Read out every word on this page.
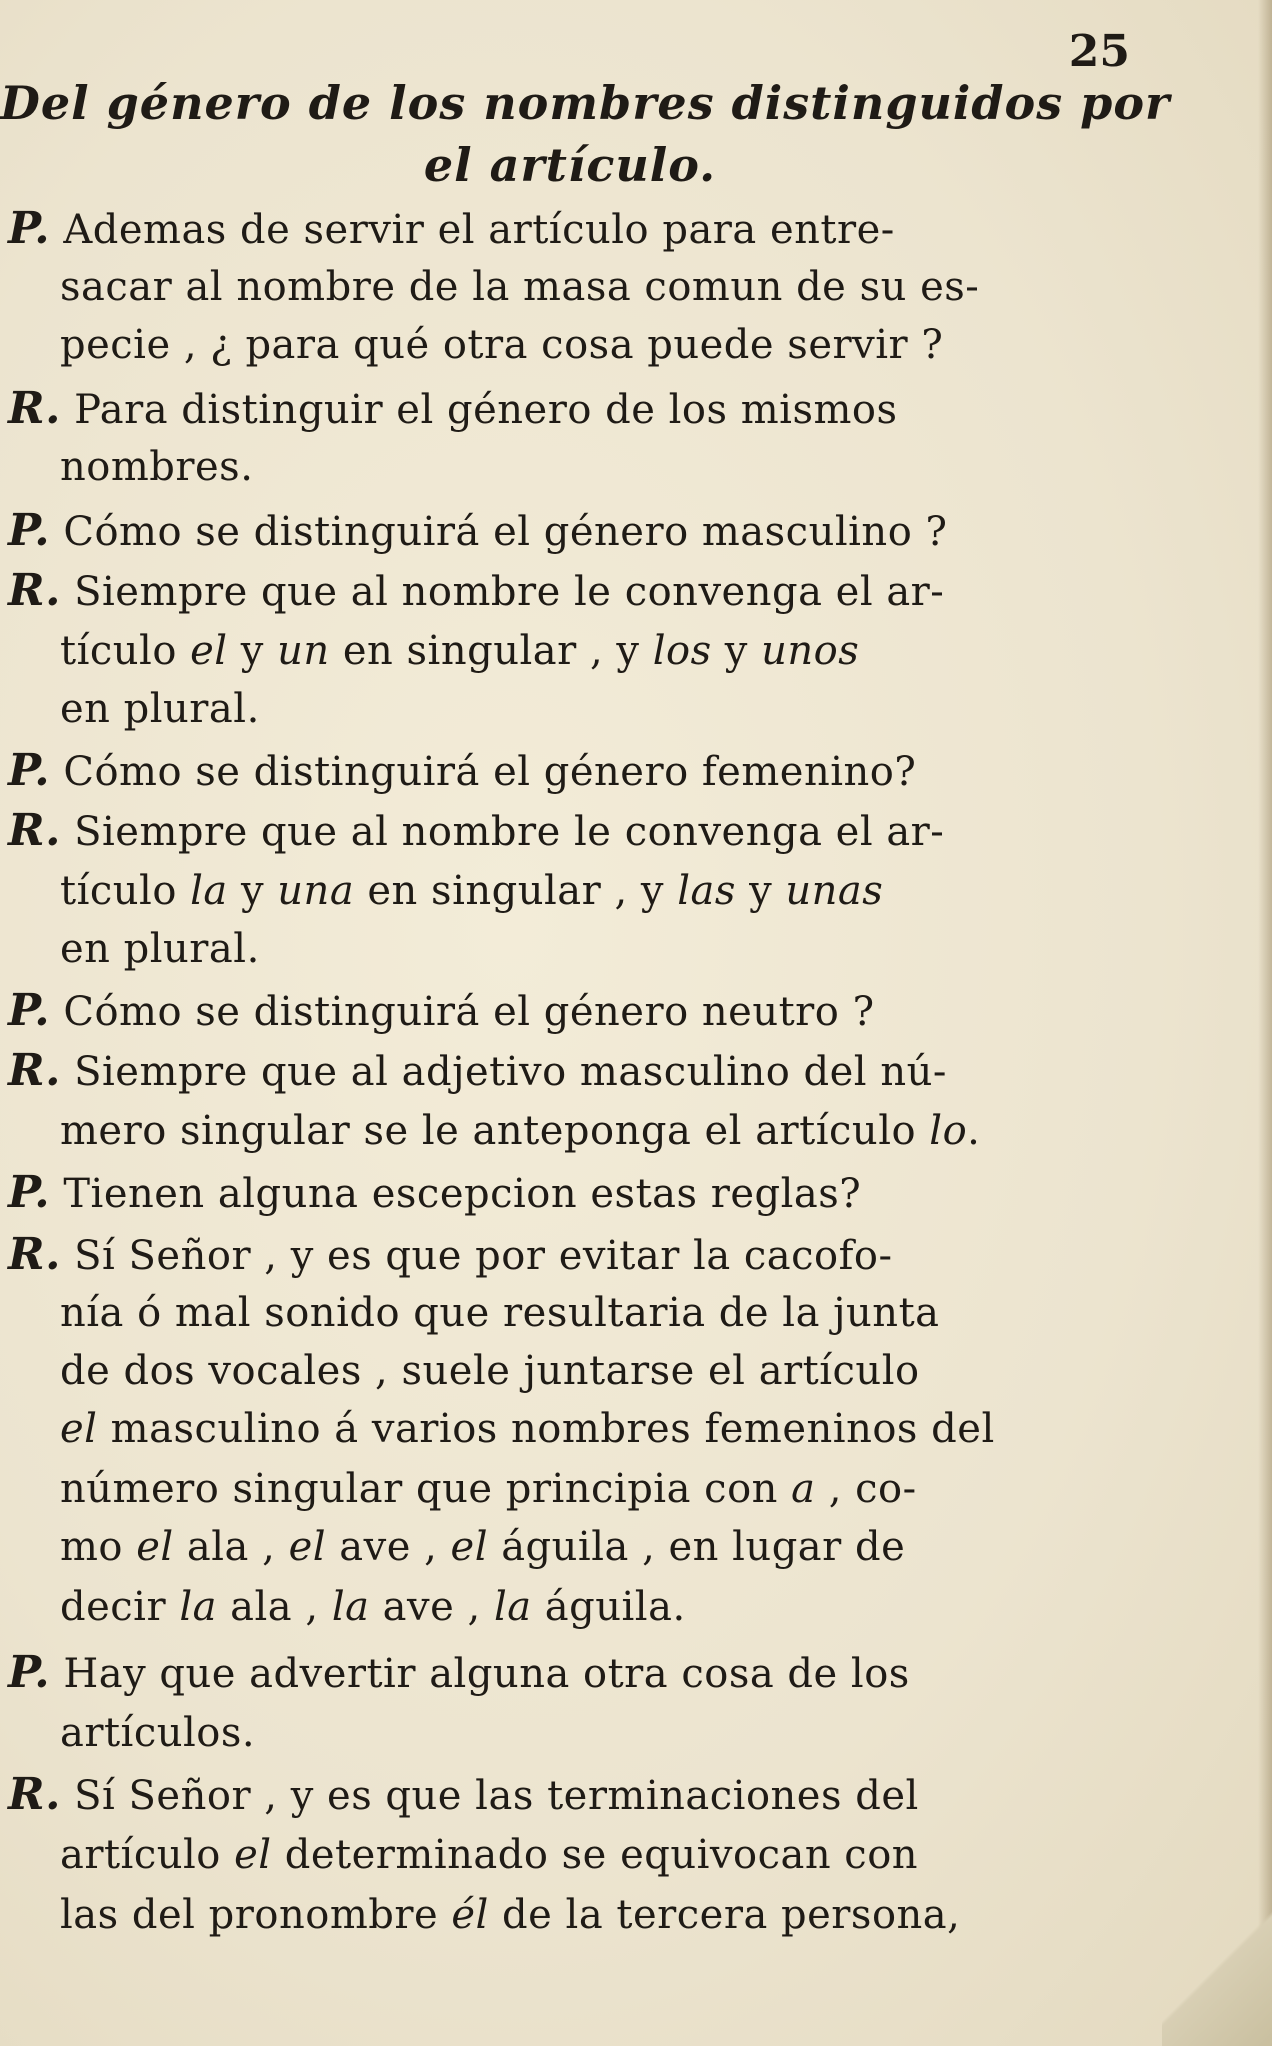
25
Del género de los nombres distinguidos por
el artículo.
P. Ademas de servir el artículo para entre-
sacar al nombre de la masa comun de su es-
pecie , ¿ para qué otra cosa puede servir ?
R. Para distinguir el género de los mismos
nombres.
P. Cómo se distinguirá el género masculino ?
R. Siempre que al nombre le convenga el ar-
tículo el y un en singular , y los y unos
en plural.
P. Cómo se distinguirá el género femenino?
R. Siempre que al nombre le convenga el ar-
tículo la y una en singular , y las y unas
en plural.
P. Cómo se distinguirá el género neutro ?
R. Siempre que al adjetivo masculino del nú-
mero singular se le anteponga el artículo lo.
P. Tienen alguna escepcion estas reglas?
R. Sí Señor , y es que por evitar la cacofo-
nía ó mal sonido que resultaria de la junta
de dos vocales , suele juntarse el artículo
el masculino á varios nombres femeninos del
número singular que principia con a , co-
mo el ala , el ave , el águila , en lugar de
decir la ala , la ave , la águila.
P. Hay que advertir alguna otra cosa de los
artículos.
R. Sí Señor , y es que las terminaciones del
artículo el determinado se equivocan con
las del pronombre él de la tercera persona,
